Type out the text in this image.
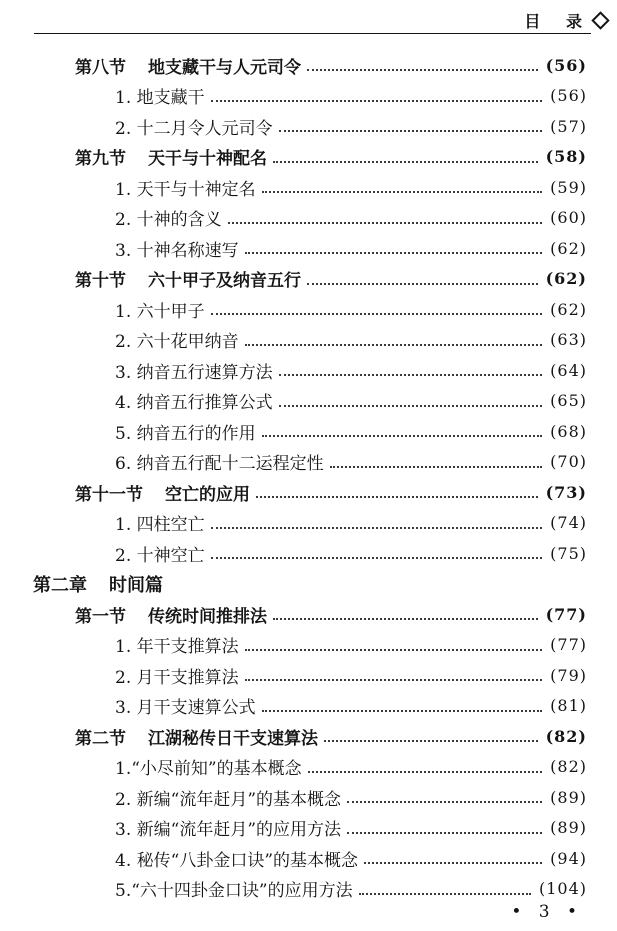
目 录
第八节 地支藏干与人元司令	(56)
1. 地支藏干	(56)
2. 十二月令人元司令	(57)
第九节 天干与十神配名	(58)
1. 天干与十神定名	(59)
2. 十神的含义	(60)
3. 十神名称速写	(62)
第十节 六十甲子及纳音五行	(62)
1. 六十甲子	(62)
2. 六十花甲纳音	(63)
3. 纳音五行速算方法	(64)
4. 纳音五行推算公式	(65)
5. 纳音五行的作用	(68)
6. 纳音五行配十二运程定性	(70)
第十一节 空亡的应用	(73)
1. 四柱空亡	(74)
2. 十神空亡	(75)
第二章 时间篇
第一节 传统时间推排法	(77)
1. 年干支推算法	(77)
2. 月干支推算法	(79)
3. 月干支速算公式	(81)
第二节 江湖秘传日干支速算法	(82)
1.“小尽前知”的基本概念	(82)
2. 新编“流年赶月”的基本概念	(89)
3. 新编“流年赶月”的应用方法	(89)
4. 秘传“八卦金口诀”的基本概念	(94)
5.“六十四卦金口诀”的应用方法	(104)
• 3 •
